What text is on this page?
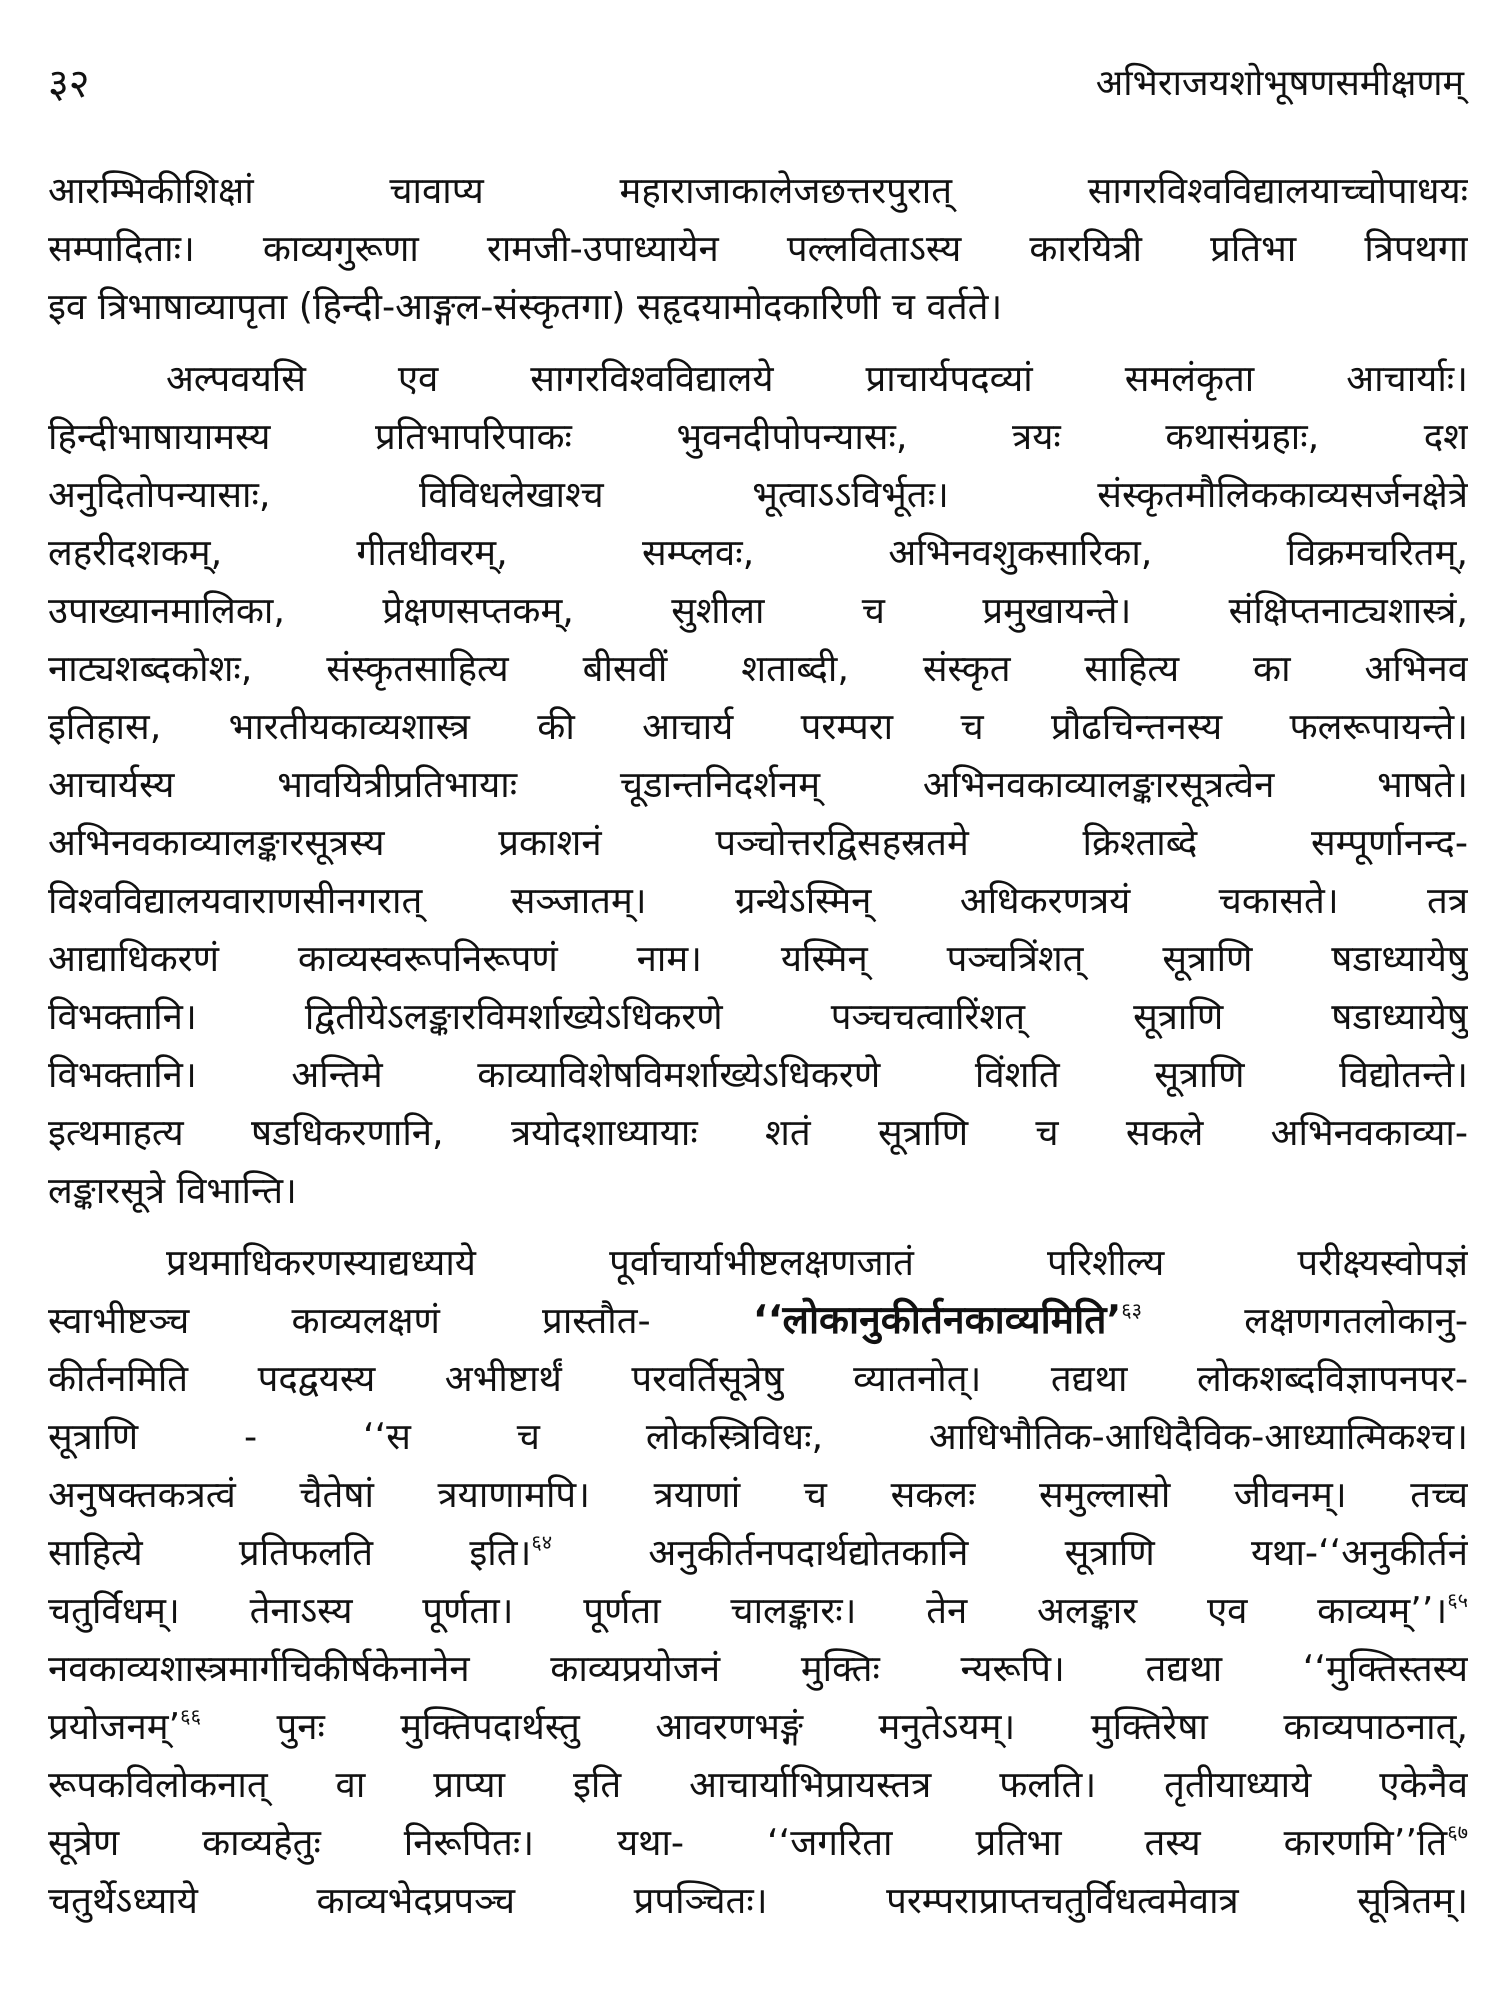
३२	अभिराजयशोभूषणसमीक्षणम्
आरम्भिकीशिक्षां चावाप्य महाराजाकालेजछत्तरपुरात् सागरविश्वविद्यालयाच्चोपाधयः
सम्पादिताः। काव्यगुरूणा रामजी-उपाध्यायेन पल्लविताऽस्य कारयित्री प्रतिभा त्रिपथगा
इव त्रिभाषाव्यापृता (हिन्दी-आङ्गल-संस्कृतगा) सहृदयामोदकारिणी च वर्तते।
अल्पवयसि एव सागरविश्वविद्यालये प्राचार्यपदव्यां समलंकृता आचार्याः।
हिन्दीभाषायामस्य प्रतिभापरिपाकः भुवनदीपोपन्यासः, त्रयः कथासंग्रहाः, दश
अनुदितोपन्यासाः, विविधलेखाश्च भूत्वाऽऽविर्भूतः। संस्कृतमौलिककाव्यसर्जनक्षेत्रे
लहरीदशकम्, गीतधीवरम्, सम्प्लवः, अभिनवशुकसारिका, विक्रमचरितम्,
उपाख्यानमालिका, प्रेक्षणसप्तकम्, सुशीला च प्रमुखायन्ते। संक्षिप्तनाट्यशास्त्रं,
नाट्यशब्दकोशः, संस्कृतसाहित्य बीसवीं शताब्दी, संस्कृत साहित्य का अभिनव
इतिहास, भारतीयकाव्यशास्त्र की आचार्य परम्परा च प्रौढचिन्तनस्य फलरूपायन्ते।
आचार्यस्य भावयित्रीप्रतिभायाः चूडान्तनिदर्शनम् अभिनवकाव्यालङ्कारसूत्रत्वेन भाषते।
अभिनवकाव्यालङ्कारसूत्रस्य प्रकाशनं पञ्चोत्तरद्विसहस्रतमे क्रिश्ताब्दे सम्पूर्णानन्द-
विश्वविद्यालयवाराणसीनगरात् सञ्जातम्। ग्रन्थेऽस्मिन् अधिकरणत्रयं चकासते। तत्र
आद्याधिकरणं काव्यस्वरूपनिरूपणं नाम। यस्मिन् पञ्चत्रिंशत् सूत्राणि षडाध्यायेषु
विभक्तानि। द्वितीयेऽलङ्कारविमर्शाख्येऽधिकरणे पञ्चचत्वारिंशत् सूत्राणि षडाध्यायेषु
विभक्तानि। अन्तिमे काव्याविशेषविमर्शाख्येऽधिकरणे विंशति सूत्राणि विद्योतन्ते।
इत्थमाहत्य षडधिकरणानि, त्रयोदशाध्यायाः शतं सूत्राणि च सकले अभिनवकाव्या-
लङ्कारसूत्रे विभान्ति।
प्रथमाधिकरणस्याद्यध्याये पूर्वाचार्याभीष्टलक्षणजातं परिशील्य परीक्ष्यस्वोपज्ञं
स्वाभीष्टञ्च काव्यलक्षणं प्रास्तौत-	‘‘लोकानुकीर्तनकाव्यमिति’$^{६३}$	लक्षणगतलोकानु-
कीर्तनमिति पदद्वयस्य अभीष्टार्थं परवर्तिसूत्रेषु व्यातनोत्। तद्यथा लोकशब्दविज्ञापनपर-
सूत्राणि - ‘‘स च लोकस्त्रिविधः, आधिभौतिक-आधिदैविक-आध्यात्मिकश्च।
अनुषक्तकत्रत्वं चैतेषां त्रयाणामपि। त्रयाणां च सकलः समुल्लासो जीवनम्। तच्च
साहित्ये प्रतिफलति इति।$^{६४}$	अनुकीर्तनपदार्थद्योतकानि सूत्राणि यथा-‘‘अनुकीर्तनं
चतुर्विधम्। तेनाऽस्य पूर्णता। पूर्णता चालङ्कारः। तेन अलङ्कार एव काव्यम्’’।$^{६५}$
नवकाव्यशास्त्रमार्गचिकीर्षकेनानेन काव्यप्रयोजनं मुक्तिः न्यरूपि। तद्यथा ‘‘मुक्तिस्तस्य
प्रयोजनम्’$^{६६}$ पुनः मुक्तिपदार्थस्तु आवरणभङ्गं मनुतेऽयम्। मुक्तिरेषा काव्यपाठनात्,
रूपकविलोकनात् वा प्राप्या इति आचार्याभिप्रायस्तत्र फलति। तृतीयाध्याये एकेनैव
सूत्रेण काव्यहेतुः निरूपितः। यथा- ‘‘जगरिता प्रतिभा तस्य कारणमि’’ति$^{६७}$
चतुर्थेऽध्याये काव्यभेदप्रपञ्च प्रपञ्चितः। परम्पराप्राप्तचतुर्विधत्वमेवात्र सूत्रितम्।
